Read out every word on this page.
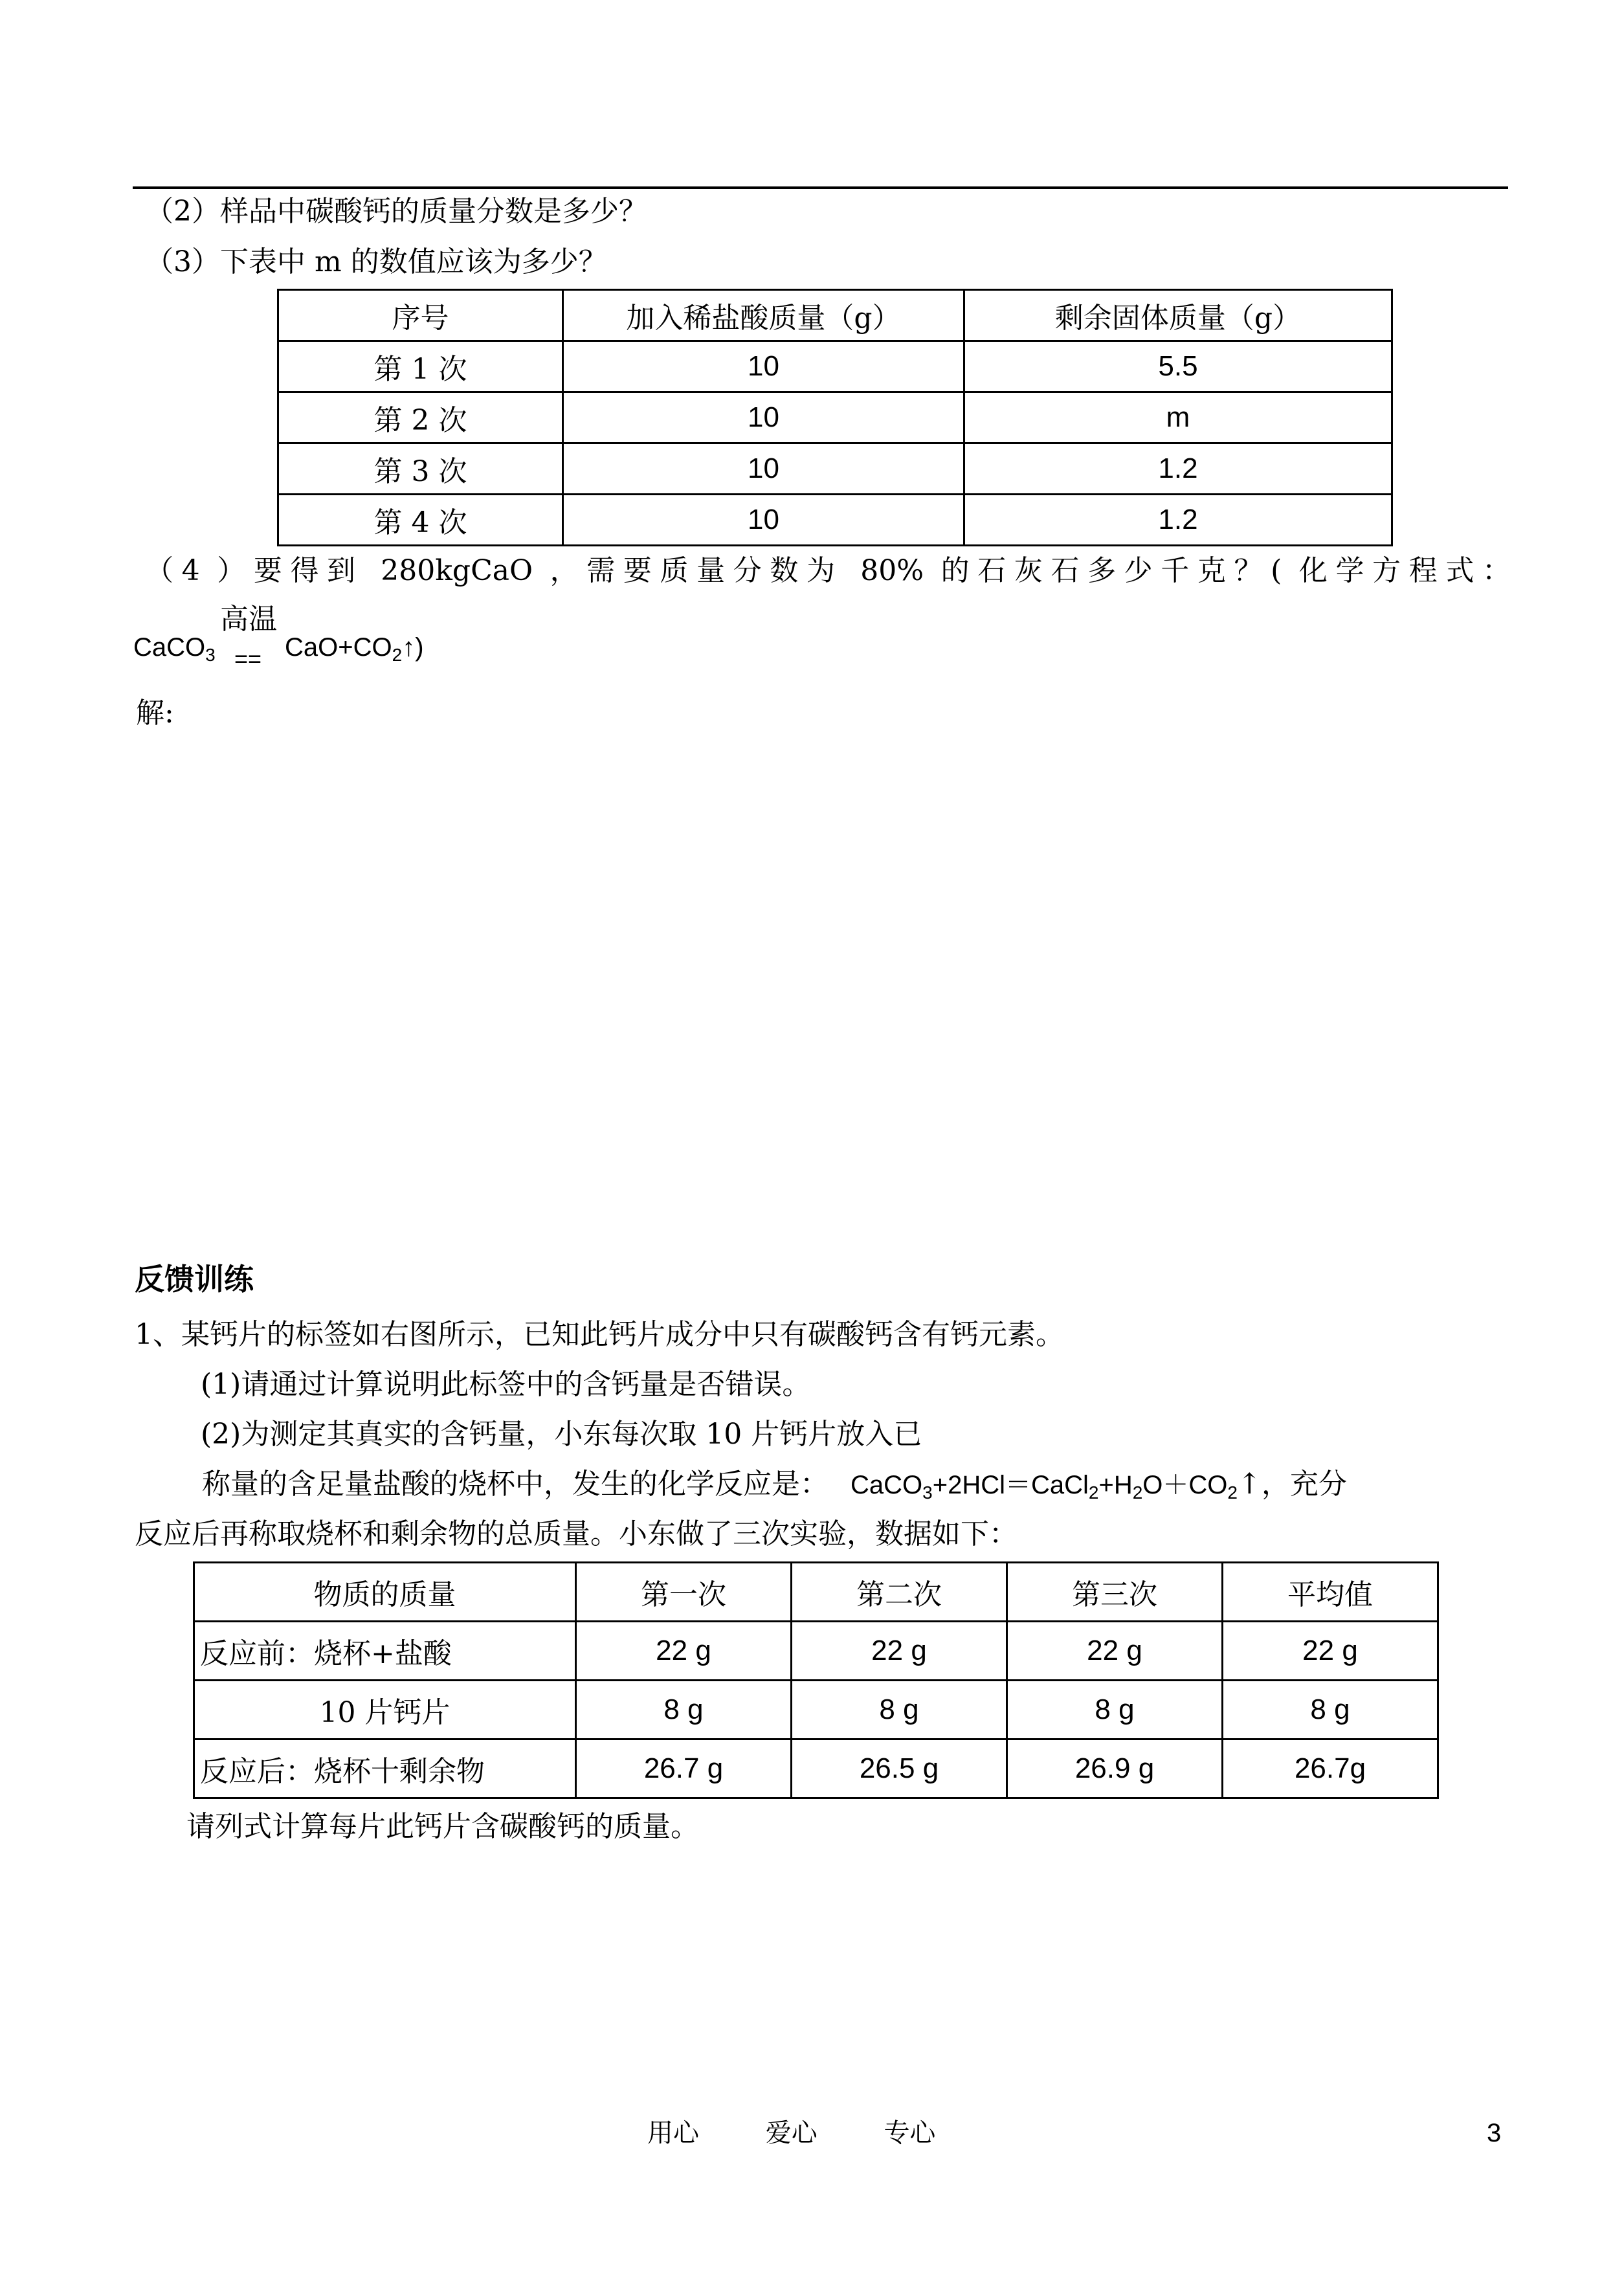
（2）样品中碳酸钙的质量分数是多少？
（3）下表中 m 的数值应该为多少？
序号	加入稀盐酸质量（g）	剩余固体质量（g）
第 1 次	10	5.5
第 2 次	10	m
第 3 次	10	1.2
第 4 次	10	1.2
（4 ）要得到 280kgCaO ，需要质量分数为 80% 的石灰石多少千克？( 化学方程式：
CaCO$_3$
高温
== $CaO+CO_2↑$)
解:
反馈训练
1、某钙片的标签如右图所示，已知此钙片成分中只有碳酸钙含有钙元素。
(1)请通过计算说明此标签中的含钙量是否错误。
(2)为测定其真实的含钙量，小东每次取 10 片钙片放入已
称量的含足量盐酸的烧杯中，发生的化学反应是： $CaCO_3+2HCl=CaCl_2+H_2O+CO_2↑$，充分
反应后再称取烧杯和剩余物的总质量。小东做了三次实验，数据如下：
物质的质量	第一次	第二次	第三次	平均值
反应前：烧杯+盐酸	22 g	22 g	22 g	22 g
10 片钙片	8 g	8 g	8 g	8 g
反应后：烧杯十剩余物	26.7 g	26.5 g	26.9 g	26.7g
请列式计算每片此钙片含碳酸钙的质量。
用心	爱心	专心	3
